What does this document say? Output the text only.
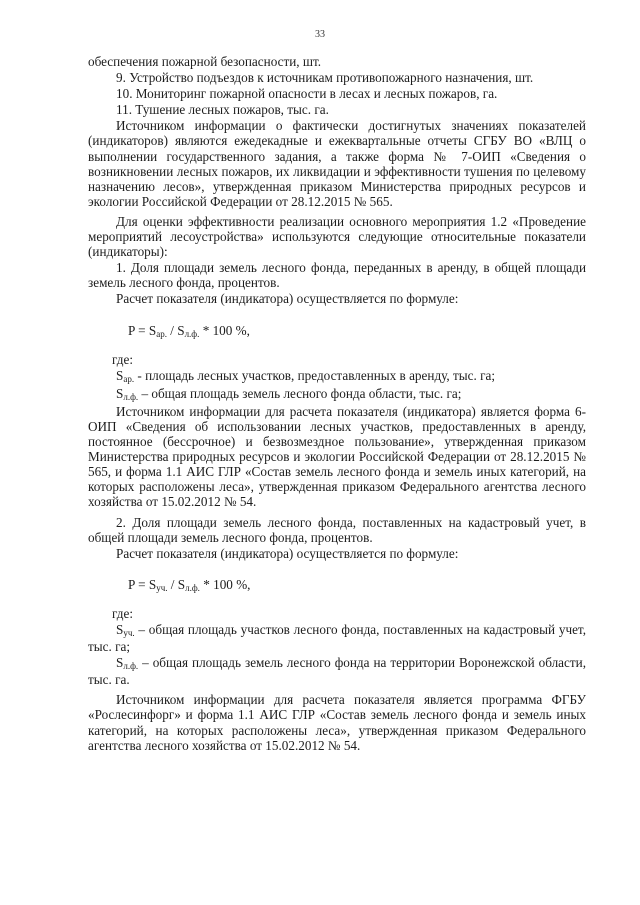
33

обеспечения пожарной безопасности, шт.

9. Устройство подъездов к источникам противопожарного назначения, шт.

10. Мониторинг пожарной опасности в лесах и лесных пожаров, га.

11. Тушение лесных пожаров, тыс. га.

Источником информации о фактически достигнутых значениях показателей (индикаторов) являются ежедекадные и ежеквартальные отчеты СГБУ ВО «ВЛЦ о выполнении государственного задания, а также форма № 7-ОИП «Сведения о возникновении лесных пожаров, их ликвидации и эффективности тушения по целевому назначению лесов», утвержденная приказом Министерства природных ресурсов и экологии Российской Федерации от 28.12.2015 № 565.

Для оценки эффективности реализации основного мероприятия 1.2 «Проведение мероприятий лесоустройства» используются следующие относительные показатели (индикаторы):

1. Доля площади земель лесного фонда, переданных в аренду, в общей площади земель лесного фонда, процентов.

Расчет показателя (индикатора) осуществляется по формуле:

$P = S_{ар.} / S_{л.ф.} * 100$ %,

где:

$S_{ар.}$ - площадь лесных участков, предоставленных в аренду, тыс. га;

$S_{л.ф.}$ – общая площадь земель лесного фонда области, тыс. га;

Источником информации для расчета показателя (индикатора) является форма 6-ОИП «Сведения об использовании лесных участков, предоставленных в аренду, постоянное (бессрочное) и безвозмездное пользование», утвержденная приказом Министерства природных ресурсов и экологии Российской Федерации от 28.12.2015 № 565, и форма 1.1 АИС ГЛР «Состав земель лесного фонда и земель иных категорий, на которых расположены леса», утвержденная приказом Федерального агентства лесного хозяйства от 15.02.2012 № 54.

2. Доля площади земель лесного фонда, поставленных на кадастровый учет, в общей площади земель лесного фонда, процентов.

Расчет показателя (индикатора) осуществляется по формуле:

$P = S_{уч.} / S_{л.ф.} * 100$ %,

где:

$S_{уч.}$ – общая площадь участков лесного фонда, поставленных на кадастровый учет, тыс. га;

$S_{л.ф.}$ – общая площадь земель лесного фонда на территории Воронежской области, тыс. га.

Источником информации для расчета показателя является программа ФГБУ «Рослесинфорг» и форма 1.1 АИС ГЛР «Состав земель лесного фонда и земель иных категорий, на которых расположены леса», утвержденная приказом Федерального агентства лесного хозяйства от 15.02.2012 № 54.
